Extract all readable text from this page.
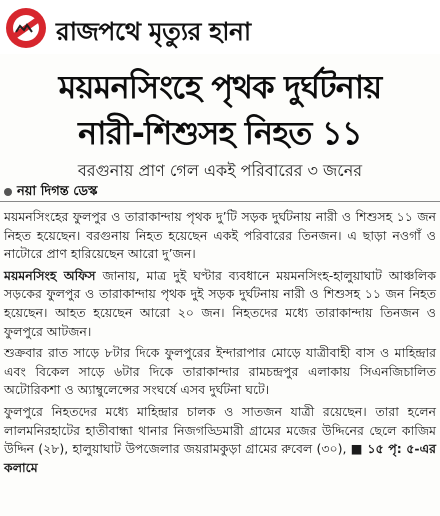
রাজপথে মৃত্যুর হানা
ময়মনসিংহে পৃথক দুর্ঘটনায়
নারী-শিশুসহ নিহত ১১
বরগুনায় প্রাণ গেল একই পরিবারের ৩ জনের
নয়া দিগন্ত ডেস্ক

ময়মনসিংহের ফুলপুর ও তারাকান্দায় পৃথক দু’টি সড়ক দুর্ঘটনায় নারী ও শিশুসহ ১১ জন নিহত হয়েছেন। বরগুনায় নিহত হয়েছেন একই পরিবারের তিনজন। এ ছাড়া নওগাঁ ও নাটোরে প্রাণ হারিয়েছেন আরো দু’জন।

ময়মনসিংহ অফিস জানায়, মাত্র দুই ঘণ্টার ব্যবধানে ময়মনসিংহ-হালুয়াঘাট আঞ্চলিক সড়কের ফুলপুর ও তারাকান্দায় পৃথক দুই সড়ক দুর্ঘটনায় নারী ও শিশুসহ ১১ জন নিহত হয়েছেন। আহত হয়েছেন আরো ২০ জন। নিহতদের মধ্যে তারাকান্দায় তিনজন ও ফুলপুরে আটজন।

শুক্রবার রাত সাড়ে ৮টার দিকে ফুলপুরের ইন্দারাপার মোড়ে যাত্রীবাহী বাস ও মাহিন্দ্রার এবং বিকেল সাড়ে ৬টার দিকে তারাকান্দার রামচন্দ্রপুর এলাকায় সিএনজিচালিত অটোরিকশা ও অ্যাম্বুলেন্সের সংঘর্ষে এসব দুর্ঘটনা ঘটে।

ফুলপুরে নিহতদের মধ্যে মাহিন্দ্রার চালক ও সাতজন যাত্রী রয়েছেন। তারা হলেন লালমনিরহাটের হাতীবান্ধা থানার নিজগড্ডিমারী গ্রামের মজের উদ্দিনের ছেলে কাজিম উদ্দিন (২৮), হালুয়াঘাট উপজেলার জয়রামকুড়া গ্রামের রুবেল (৩০), ■ ১৫ পৃ: ৫-এর কলামে
